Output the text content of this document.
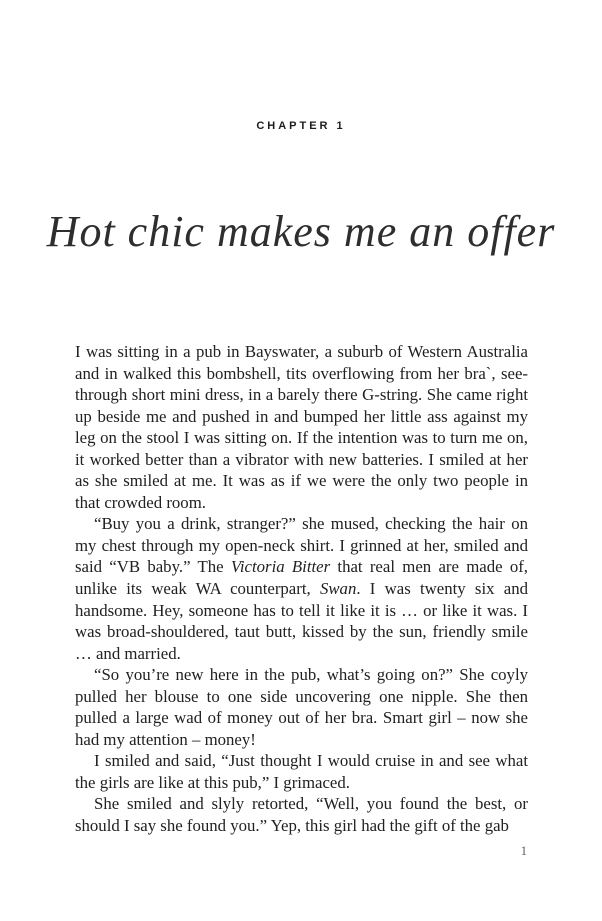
CHAPTER 1
Hot chic makes me an offer

I was sitting in a pub in Bayswater, a suburb of Western Australia and in walked this bombshell, tits overflowing from her bra`, see-through short mini dress, in a barely there G-string. She came right up beside me and pushed in and bumped her little ass against my leg on the stool I was sitting on. If the intention was to turn me on, it worked better than a vibrator with new batteries. I smiled at her as she smiled at me. It was as if we were the only two people in that crowded room.

“Buy you a drink, stranger?” she mused, checking the hair on my chest through my open-neck shirt. I grinned at her, smiled and said “VB baby.” The Victoria Bitter that real men are made of, unlike its weak WA counterpart, Swan. I was twenty six and handsome. Hey, someone has to tell it like it is … or like it was. I was broad-shouldered, taut butt, kissed by the sun, friendly smile … and married.

“So you’re new here in the pub, what’s going on?” She coyly pulled her blouse to one side uncovering one nipple. She then pulled a large wad of money out of her bra. Smart girl – now she had my attention – money!

I smiled and said, “Just thought I would cruise in and see what the girls are like at this pub,” I grimaced.

She smiled and slyly retorted, “Well, you found the best, or should I say she found you.” Yep, this girl had the gift of the gab

1
